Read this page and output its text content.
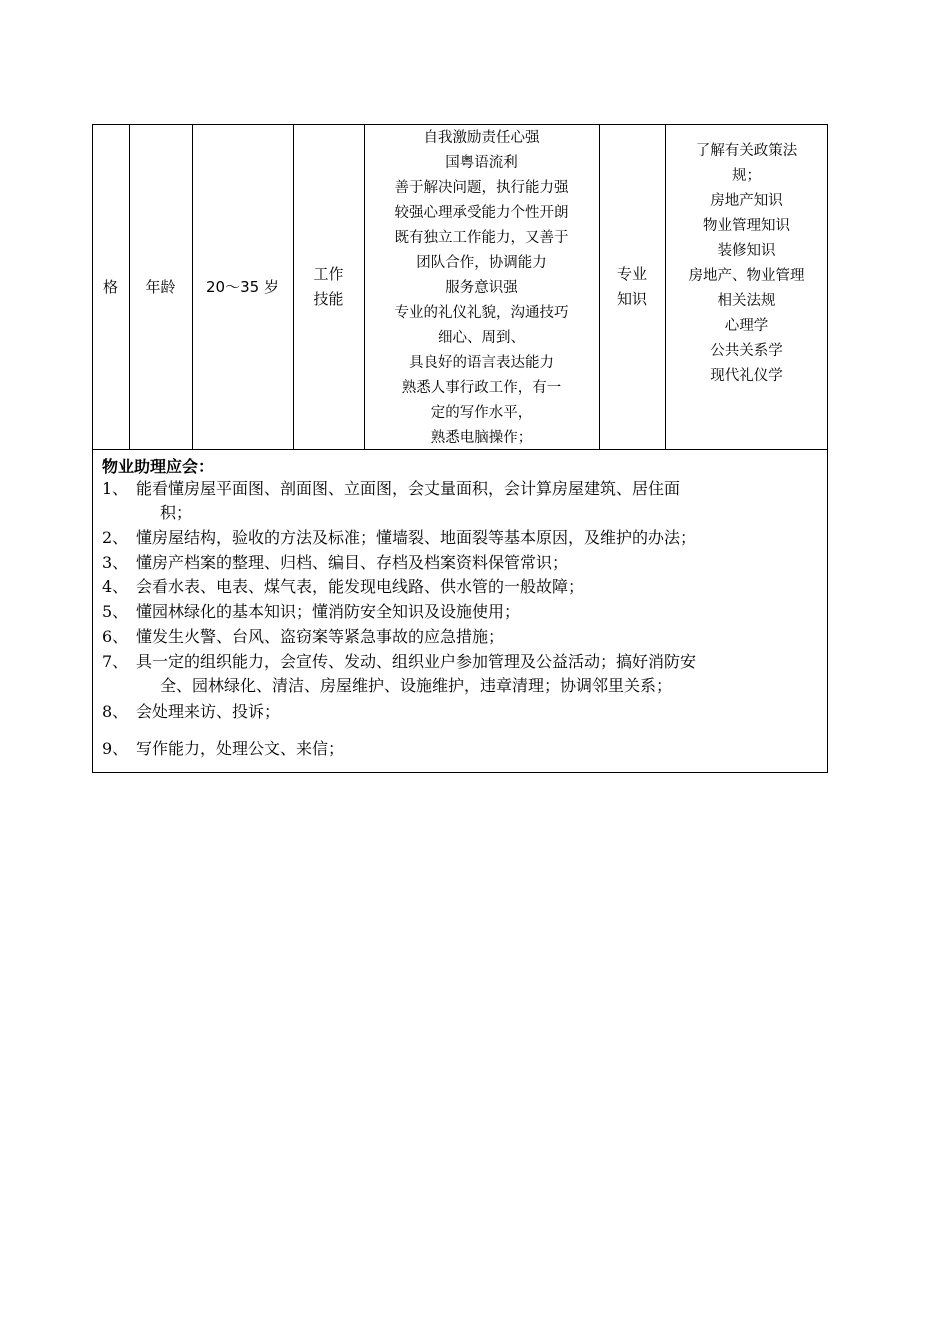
格 年龄 20～35 岁
工作
技能
自我激励责任心强
国粤语流利
善于解决问题，执行能力强
较强心理承受能力个性开朗
既有独立工作能力，又善于
团队合作，协调能力
服务意识强
专业的礼仪礼貌，沟通技巧
细心、周到、
具良好的语言表达能力
熟悉人事行政工作，有一
定的写作水平，
熟悉电脑操作；
专业
知识
了解有关政策法
规；
房地产知识
物业管理知识
装修知识
房地产、物业管理
相关法规
心理学
公共关系学
现代礼仪学
物业助理应会：
1、 能看懂房屋平面图、剖面图、立面图，会丈量面积，会计算房屋建筑、居住面
积；
2、 懂房屋结构，验收的方法及标准；懂墙裂、地面裂等基本原因，及维护的办法；
3、 懂房产档案的整理、归档、编目、存档及档案资料保管常识；
4、 会看水表、电表、煤气表，能发现电线路、供水管的一般故障；
5、 懂园林绿化的基本知识；懂消防安全知识及设施使用；
6、 懂发生火警、台风、盗窃案等紧急事故的应急措施；
7、 具一定的组织能力，会宣传、发动、组织业户参加管理及公益活动；搞好消防安
全、园林绿化、清洁、房屋维护、设施维护，违章清理；协调邻里关系；
8、 会处理来访、投诉；
9、 写作能力，处理公文、来信；
